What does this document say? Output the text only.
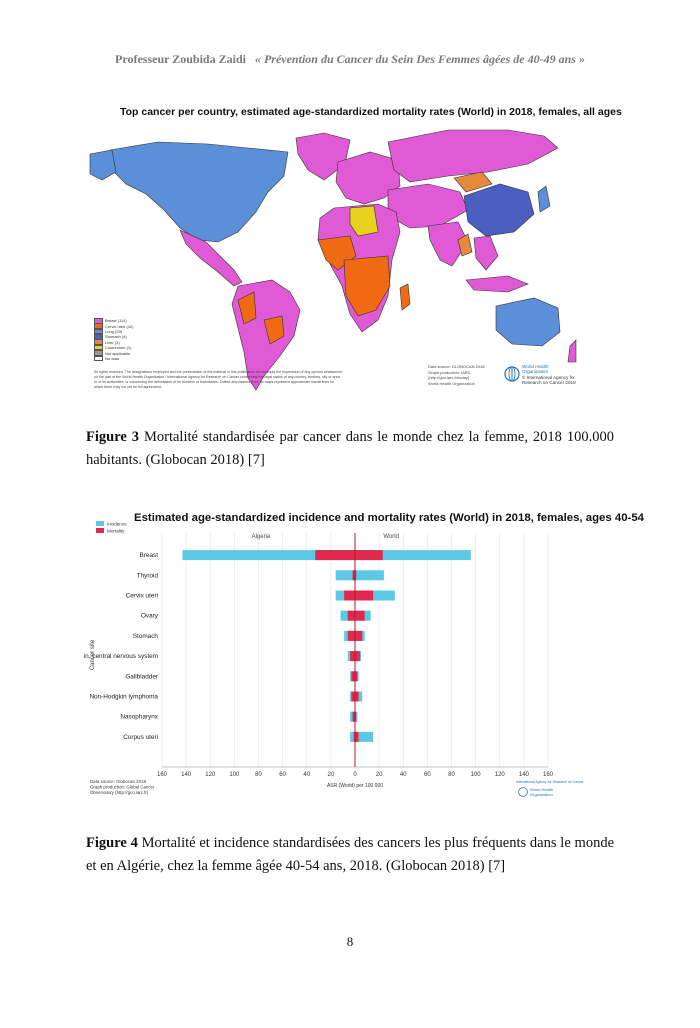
Professeur Zoubida Zaidi « Prévention du Cancer du Sein Des Femmes âgées de 40-49 ans »
Top cancer per country, estimated age-standardized mortality rates (World) in 2018, females, all ages
Breast (114)
Cervix uteri (42)
Lung (29)
Stomach (4)
Liver (3)
Colorectum (1)
Not applicable
No data
All rights reserved. The designations employed and the presentation of the material in this publication do not imply the expression of any opinion whatsoever
on the part of the World Health Organization / International Agency for Research on Cancer concerning the legal status of any country, territory, city or area
or of its authorities, or concerning the delimitation of its frontiers or boundaries. Dotted and dashed lines on maps represent approximate borderlines for
which there may not yet be full agreement.
Data source: GLOBOCAN 2018
Graph production: IARC
(http://gco.iarc.fr/today)
World Health Organization
World Health
Organization
© International Agency for
Research on Cancer 2018
Figure 3 Mortalité standardisée par cancer dans le monde chez la femme, 2018 100.000 habitants. (Globocan 2018) [7]
Estimated age-standardized incidence and mortality rates (World) in 2018, females, ages 40-54
Algeria	World
Incidence
Mortality
160 140 120 100	80	60	40	20	0	20	40	60	80	100 120 140 160
Breast
Thyroid
Cervix uteri
Ovary
Stomach
in, central nervous system
Gallbladder
Non-Hodgkin lymphoma
Nasopharynx
Corpus uteri
ASR (World) per 100 000
Cancer site
Data source: Globocan 2018
Graph production: Global Cancer
Observatory (http://gco.iarc.fr)
International Agency for Research on Cancer
World Health
Organization
Figure 4 Mortalité et incidence standardisées des cancers les plus fréquents dans le monde et en Algérie, chez la femme âgée 40-54 ans, 2018. (Globocan 2018) [7]
8
